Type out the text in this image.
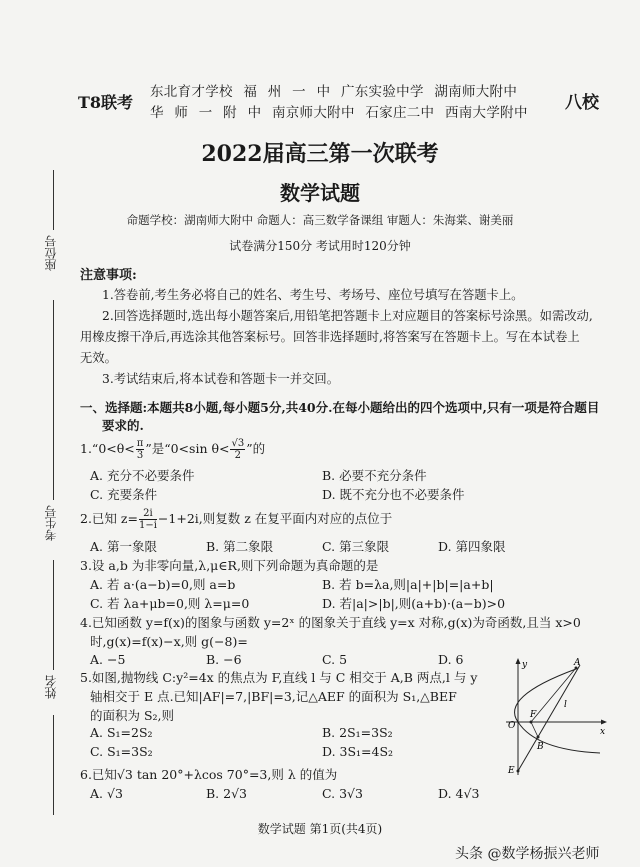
座位号
考生号
姓名
T8联考
东北育才学校 福 州 一 中 广东实验中学 湖南师大附中
华 师 一 附 中 南京师大附中 石家庄二中 西南大学附中 八校
2022届高三第一次联考
数学试题
命题学校：湖南师大附中 命题人：高三数学备课组 审题人：朱海棠、谢美丽
试卷满分150分 考试用时120分钟
注意事项:
1.答卷前,考生务必将自己的姓名、考生号、考场号、座位号填写在答题卡上。
2.回答选择题时,选出每小题答案后,用铅笔把答题卡上对应题目的答案标号涂黑。如需改动,
用橡皮擦干净后,再选涂其他答案标号。回答非选择题时,将答案写在答题卡上。写在本试卷上
无效。
3.考试结束后,将本试卷和答题卡一并交回。
一、选择题:本题共8小题,每小题5分,共40分.在每小题给出的四个选项中,只有一项是符合题目
要求的.
1.“0<θ< $\frac{\pi}{3}$ ”是“0<sin $\theta< \frac{√3}{2}$ ”的
A. 充分不必要条件	B. 必要不充分条件
C. 充要条件	D. 既不充分也不必要条件
2.已知 $z= \frac{2i}{1-i} -1+2i$,则复数 z 在复平面内对应的点位于
A. 第一象限	B. 第二象限	C. 第三象限	D. 第四象限
3.设 a,b 为非零向量,λ,μ∈R,则下列命题为真命题的是
A. 若 a·(a−b)=0,则 a=b	B. 若 b=λa,则|a|+|b|=|a+b|
C. 若 λa+μb=0,则 λ=μ=0	D. 若|a|>|b|,则(a+b)·(a−b)>0
4.已知函数 y=f(x)的图象与函数 y=2ˣ 的图象关于直线 y=x 对称,g(x)为奇函数,且当 x>0
时,g(x)=f(x)−x,则 g(−8)=
A. −5	B. −6	C. 5	D. 6
5.如图,抛物线 C:y²=4x 的焦点为 F,直线 l 与 C 相交于 A,B 两点,l 与 y
轴相交于 E 点.已知|AF|=7,|BF|=3,记△AEF 的面积为 S₁,△BEF
的面积为 S₂,则
A. S₁=2S₂	B. 2S₁=3S₂
C. S₁=3S₂	D. 3S₁=4S₂
6.已知√3 tan 20°+λcos 70°=3,则 λ 的值为
A. √3	B. 2√3	C. 3√3	D. 4√3
y
x
O
A
B
E
F
l
数学试题 第1页(共4页)
头条 @数学杨振兴老师
